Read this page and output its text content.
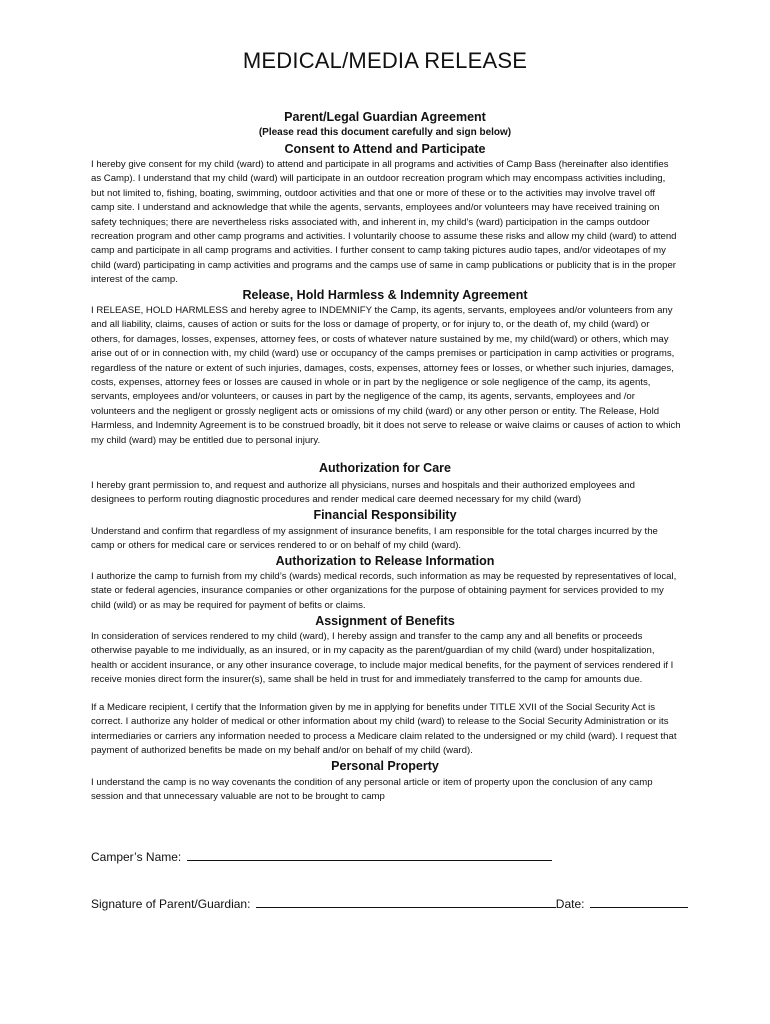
MEDICAL/MEDIA RELEASE
Parent/Legal Guardian Agreement
(Please read this document carefully and sign below)
Consent to Attend and Participate
I hereby give consent for my child (ward) to attend and participate in all programs and activities of Camp Bass (hereinafter also identifies as Camp). I understand that my child (ward) will participate in an outdoor recreation program which may encompass activities including, but not limited to, fishing, boating, swimming, outdoor activities and that one or more of these or to the activities may involve travel off camp site. I understand and acknowledge that while the agents, servants, employees and/or volunteers may have received training on safety techniques; there are nevertheless risks associated with, and inherent in, my child’s (ward) participation in the camps outdoor recreation program and other camp programs and activities. I voluntarily choose to assume these risks and allow my child (ward) to attend camp and participate in all camp programs and activities. I further consent to camp taking pictures audio tapes, and/or videotapes of my child (ward) participating in camp activities and programs and the camps use of same in camp publications or publicity that is in the proper interest of the camp.
Release, Hold Harmless & Indemnity Agreement
I RELEASE, HOLD HARMLESS and hereby agree to INDEMNIFY the Camp, its agents, servants, employees and/or volunteers from any and all liability, claims, causes of action or suits for the loss or damage of property, or for injury to, or the death of, my child (ward) or others, for damages, losses, expenses, attorney fees, or costs of whatever nature sustained by me, my child(ward) or others, which may arise out of or in connection with, my child (ward) use or occupancy of the camps premises or participation in camp activities or programs, regardless of the nature or extent of such injuries, damages, costs, expenses, attorney fees or losses, or whether such injuries, damages, costs, expenses, attorney fees or losses are caused in whole or in part by the negligence or sole negligence of the camp, its agents, servants, employees and/or volunteers, or causes in part by the negligence of the camp, its agents, servants, employees and /or volunteers and the negligent or grossly negligent acts or omissions of my child (ward) or any other person or entity. The Release, Hold Harmless, and Indemnity Agreement is to be construed broadly, bit it does not serve to release or waive claims or causes of action to which my child (ward) may be entitled due to personal injury.
Authorization for Care
I hereby grant permission to, and request and authorize all physicians, nurses and hospitals and their authorized employees and designees to perform routing diagnostic procedures and render medical care deemed necessary for my child (ward)
Financial Responsibility
Understand and confirm that regardless of my assignment of insurance benefits, I am responsible for the total charges incurred by the camp or others for medical care or services rendered to or on behalf of my child (ward).
Authorization to Release Information
I authorize the camp to furnish from my child’s (wards) medical records, such information as may be requested by representatives of local, state or federal agencies, insurance companies or other organizations for the purpose of obtaining payment for services provided to my child (wild) or as may be required for payment of befits or claims.
Assignment of Benefits
In consideration of services rendered to my child (ward), I hereby assign and transfer to the camp any and all benefits or proceeds otherwise payable to me individually, as an insured, or in my capacity as the parent/guardian of my child (ward) under hospitalization, health or accident insurance, or any other insurance coverage, to include major medical benefits, for the payment of services rendered if I receive monies direct form the insurer(s), same shall be held in trust for and immediately transferred to the camp for amounts due.
If a Medicare recipient, I certify that the Information given by me in applying for benefits under TITLE XVII of the Social Security Act is correct. I authorize any holder of medical or other information about my child (ward) to release to the Social Security Administration or its intermediaries or carriers any information needed to process a Medicare claim related to the undersigned or my child (ward). I request that payment of authorized benefits be made on my behalf and/or on behalf of my child (ward).
Personal Property
I understand the camp is no way covenants the condition of any personal article or item of property upon the conclusion of any camp session and that unnecessary valuable are not to be brought to camp
Camper’s Name:
Signature of Parent/Guardian:	Date:
